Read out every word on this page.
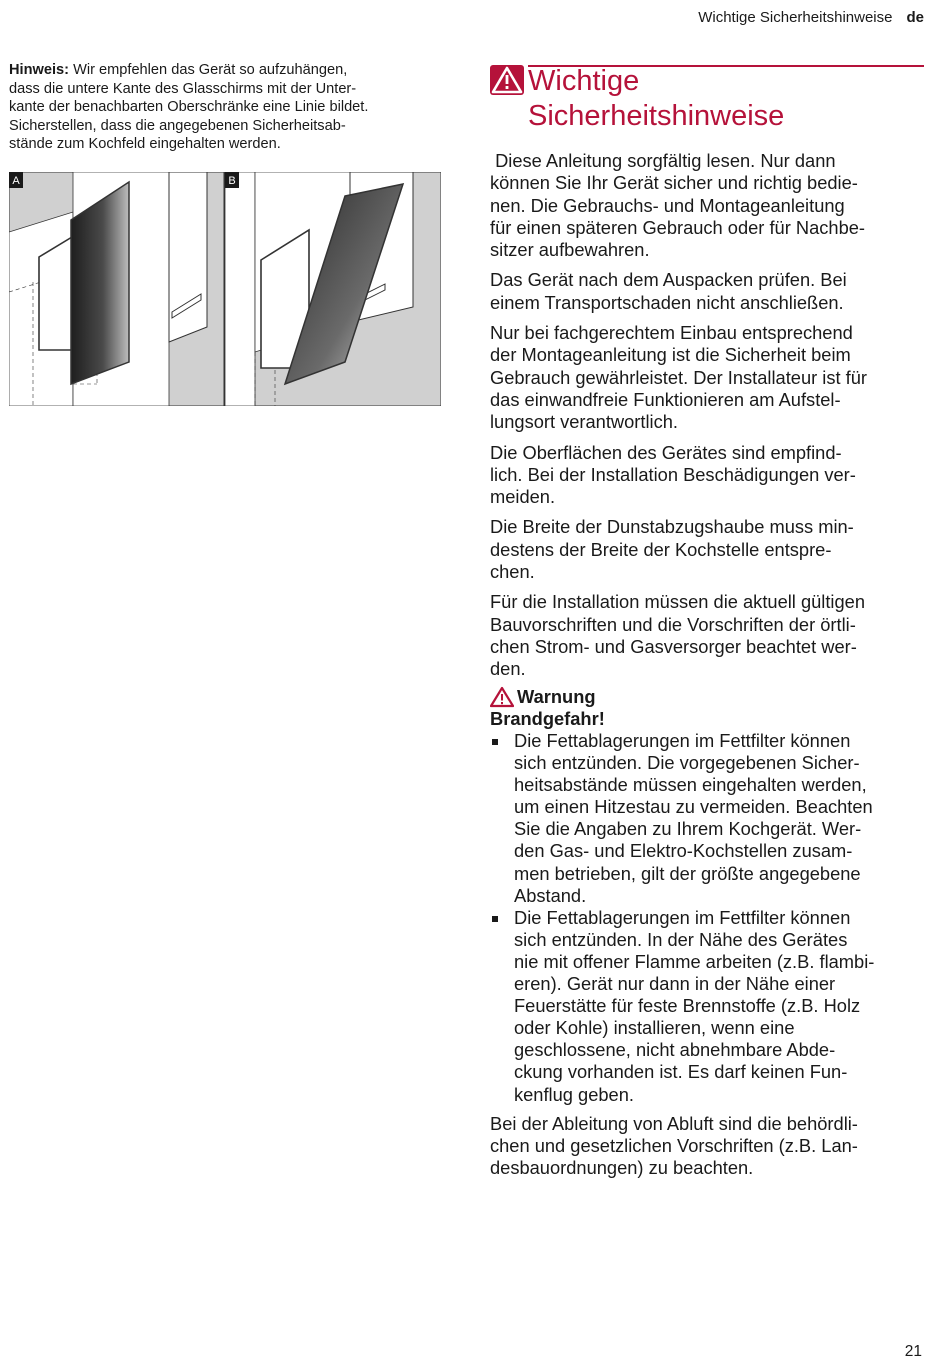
Wichtige Sicherheitshinweise de

Hinweis: Wir empfehlen das Gerät so aufzuhängen,
dass die untere Kante des Glasschirms mit der Unter-
kante der benachbarten Oberschränke eine Linie bildet.
Sicherstellen, dass die angegebenen Sicherheitsab-
stände zum Kochfeld eingehalten werden.

A	B
Wichtige
Sicherheitshinweise

Diese Anleitung sorgfältig lesen. Nur dann
können Sie Ihr Gerät sicher und richtig bedie-
nen. Die Gebrauchs- und Montageanleitung
für einen späteren Gebrauch oder für Nachbe-
sitzer aufbewahren.

Das Gerät nach dem Auspacken prüfen. Bei
einem Transportschaden nicht anschließen.

Nur bei fachgerechtem Einbau entsprechend
der Montageanleitung ist die Sicherheit beim
Gebrauch gewährleistet. Der Installateur ist für
das einwandfreie Funktionieren am Aufstel-
lungsort verantwortlich.

Die Oberflächen des Gerätes sind empfind-
lich. Bei der Installation Beschädigungen ver-
meiden.

Die Breite der Dunstabzugshaube muss min-
destens der Breite der Kochstelle entspre-
chen.

Für die Installation müssen die aktuell gültigen
Bauvorschriften und die Vorschriften der örtli-
chen Strom- und Gasversorger beachtet wer-
den.

Warnung

Brandgefahr!

Die Fettablagerungen im Fettfilter können
sich entzünden. Die vorgegebenen Sicher-
heitsabstände müssen eingehalten werden,
um einen Hitzestau zu vermeiden. Beachten
Sie die Angaben zu Ihrem Kochgerät. Wer-
den Gas- und Elektro-Kochstellen zusam-
men betrieben, gilt der größte angegebene
Abstand.
Die Fettablagerungen im Fettfilter können
sich entzünden. In der Nähe des Gerätes
nie mit offener Flamme arbeiten (z.B. flambi-
eren). Gerät nur dann in der Nähe einer
Feuerstätte für feste Brennstoffe (z.B. Holz
oder Kohle) installieren, wenn eine
geschlossene, nicht abnehmbare Abde-
ckung vorhanden ist. Es darf keinen Fun-
kenflug geben.

Bei der Ableitung von Abluft sind die behördli-
chen und gesetzlichen Vorschriften (z.B. Lan-
desbauordnungen) zu beachten.

21
